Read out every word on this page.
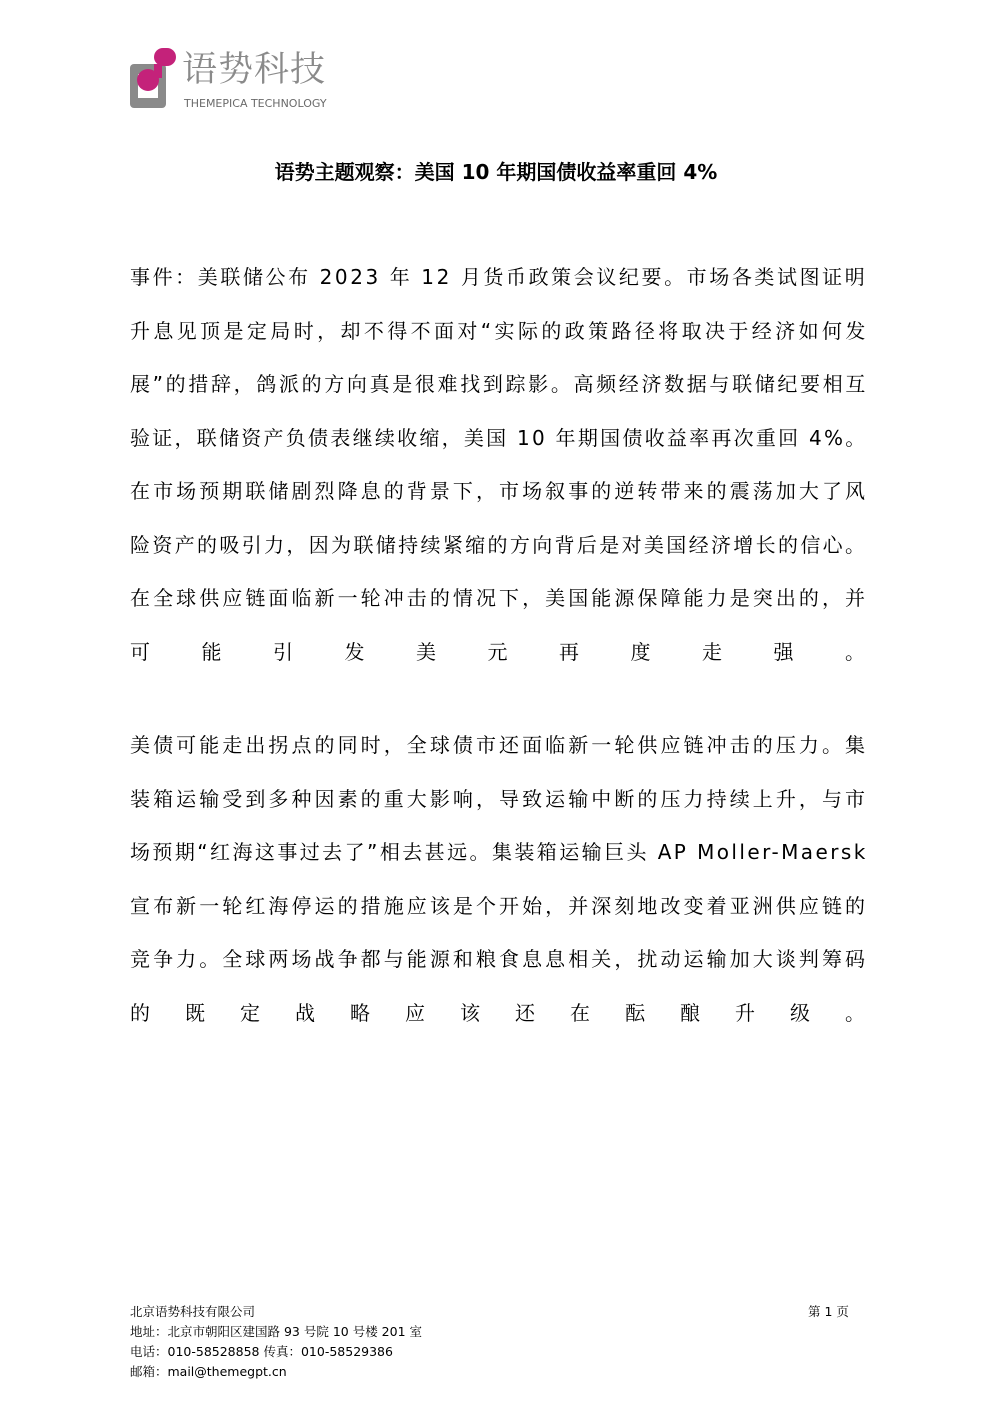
语势科技
THEMEPICA TECHNOLOGY
语势主题观察：美国 10 年期国债收益率重回 4%
事件：美联储公布 2023 年 12 月货币政策会议纪要。市场各类试图证明
升息见顶是定局时，却不得不面对“实际的政策路径将取决于经济如何发
展”的措辞，鸽派的方向真是很难找到踪影。高频经济数据与联储纪要相互
验证，联储资产负债表继续收缩，美国 10 年期国债收益率再次重回 4%。
在市场预期联储剧烈降息的背景下，市场叙事的逆转带来的震荡加大了风
险资产的吸引力，因为联储持续紧缩的方向背后是对美国经济增长的信心。
在全球供应链面临新一轮冲击的情况下，美国能源保障能力是突出的，并
可能引发美元再度走强。
美债可能走出拐点的同时，全球债市还面临新一轮供应链冲击的压力。集
装箱运输受到多种因素的重大影响，导致运输中断的压力持续上升，与市
场预期“红海这事过去了”相去甚远。集装箱运输巨头 AP Moller-Maersk
宣布新一轮红海停运的措施应该是个开始，并深刻地改变着亚洲供应链的
竞争力。全球两场战争都与能源和粮食息息相关，扰动运输加大谈判筹码
的既定战略应该还在酝酿升级。
北京语势科技有限公司
地址：北京市朝阳区建国路 93 号院 10 号楼 201 室
电话：010-58528858 传真：010-58529386
邮箱：mail@themegpt.cn
第 1 页
